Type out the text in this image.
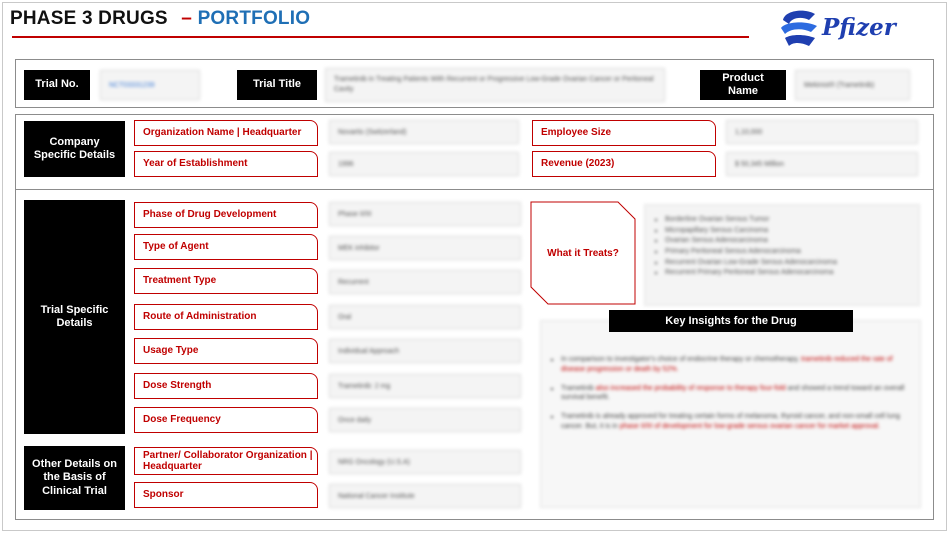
PHASE 3 DRUGS – PORTFOLIO	Pfizer
Trial No.	NCT03331239	Trial Title	Trametinib in Treating Patients With Recurrent or Progressive Low-Grade Ovarian Cancer or Peritoneal Cavity
Product Name	Mekinist® (Trametinib)
Company Specific Details
Organization Name | Headquarter	Novartis (Switzerland)
Year of Establishment	1996
Employee Size	1,10,000
Revenue (2023)	$ 50,345 Million
Trial Specific Details
Phase of Drug Development	Phase II/III
Type of Agent	MEK inhibitor
Treatment Type	Recurrent
Route of Administration	Oral
Usage Type	Individual Approach
Dose Strength	Trametinib: 2 mg
Dose Frequency	Once daily
Other Details on the Basis of Clinical Trial
Partner/ Collaborator Organization | Headquarter	NRG Oncology (U.S.A)
Sponsor	National Cancer Institute
What it Treats?
▪ Borderline Ovarian Serous Tumor
▪ Micropapillary Serous Carcinoma
▪ Ovarian Serous Adenocarcinoma
▪ Primary Peritoneal Serous Adenocarcinoma
▪ Recurrent Ovarian Low-Grade Serous Adenocarcinoma
▪ Recurrent Primary Peritoneal Serous Adenocarcinoma
▪ In comparison to investigator's choice of endocrine therapy or chemotherapy, trametinib reduced the rate of disease progression or death by 52%.
▪ Trametinib also increased the probability of response to therapy four-fold and showed a trend toward an overall survival benefit.
▪ Trametinib is already approved for treating certain forms of melanoma, thyroid cancer, and non-small cell lung cancer. But, it is in phase II/III of development for low-grade serous ovarian cancer for market approval.
Key Insights for the Drug
